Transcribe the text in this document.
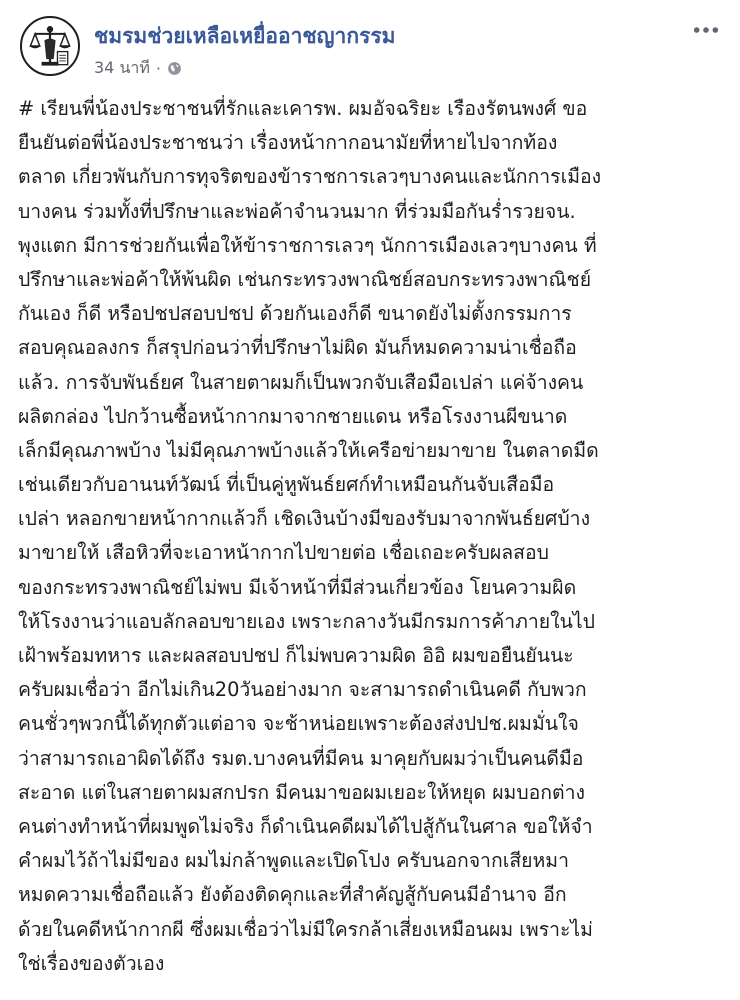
ชมรมช่วยเหลือเหยื่ออาชญากรรม
34 นาที ·
# เรียนพี่น้องประชาชนที่รักและเคารพ. ผมอัจฉริยะ เรืองรัตนพงศ์ ขอ
ยืนยันต่อพี่น้องประชาชนว่า เรื่องหน้ากากอนามัยที่หายไปจากท้อง
ตลาด เกี่ยวพันกับการทุจริตของข้าราชการเลวๆบางคนและนักการเมือง
บางคน ร่วมทั้งที่ปรึกษาและพ่อค้าจำนวนมาก ที่ร่วมมือกันร่ำรวยจน.
พุงแตก มีการช่วยกันเพื่อให้ข้าราชการเลวๆ นักการเมืองเลวๆบางคน ที่
ปรึกษาและพ่อค้าให้พ้นผิด เช่นกระทรวงพาณิชย์สอบกระทรวงพาณิชย์
กันเอง ก็ดี หรือปชปสอบปชป ด้วยกันเองก็ดี ขนาดยังไม่ตั้งกรรมการ
สอบคุณอลงกร ก็สรุปก่อนว่าที่ปรึกษาไม่ผิด มันก็หมดความน่าเชื่อถือ
แล้ว. การจับพันธ์ยศ ในสายตาผมก็เป็นพวกจับเสือมือเปล่า แค่จ้างคน
ผลิตกล่อง ไปกว้านซื้อหน้ากากมาจากชายแดน หรือโรงงานผีขนาด
เล็กมีคุณภาพบ้าง ไม่มีคุณภาพบ้างแล้วให้เครือข่ายมาขาย ในตลาดมืด
เช่นเดียวกับอานนท์วัฒน์ ที่เป็นคู่หูพันธ์ยศก์ทำเหมือนกันจับเสือมือ
เปล่า หลอกขายหน้ากากแล้วก็ เชิดเงินบ้างมีของรับมาจากพันธ์ยศบ้าง
มาขายให้ เสือหิวที่จะเอาหน้ากากไปขายต่อ เชื่อเถอะครับผลสอบ
ของกระทรวงพาณิชย์ไม่พบ มีเจ้าหน้าที่มีส่วนเกี่ยวข้อง โยนความผิด
ให้โรงงานว่าแอบลักลอบขายเอง เพราะกลางวันมีกรมการค้าภายในไป
เฝ้าพร้อมทหาร และผลสอบปชป ก็ไม่พบความผิด อิอิ ผมขอยืนยันนะ
ครับผมเชื่อว่า อีกไม่เกิน20วันอย่างมาก จะสามารถดำเนินคดี กับพวก
คนชั่วๆพวกนี้ได้ทุกตัวแต่อาจ จะช้าหน่อยเพราะต้องส่งปปช.ผมมั่นใจ
ว่าสามารถเอาผิดได้ถึง รมต.บางคนที่มีคน มาคุยกับผมว่าเป็นคนดีมือ
สะอาด แต่ในสายตาผมสกปรก มีคนมาขอผมเยอะให้หยุด ผมบอกต่าง
คนต่างทำหน้าที่ผมพูดไม่จริง ก็ดำเนินคดีผมได้ไปสู้กันในศาล ขอให้จำ
คำผมไว้ถ้าไม่มีของ ผมไม่กล้าพูดและเปิดโปง ครับนอกจากเสียหมา
หมดความเชื่อถือแล้ว ยังต้องติดคุกและที่สำคัญสู้กับคนมีอำนาจ อีก
ด้วยในคดีหน้ากากผี ซึ่งผมเชื่อว่าไม่มีใครกล้าเสี่ยงเหมือนผม เพราะไม่
ใช่เรื่องของตัวเอง
